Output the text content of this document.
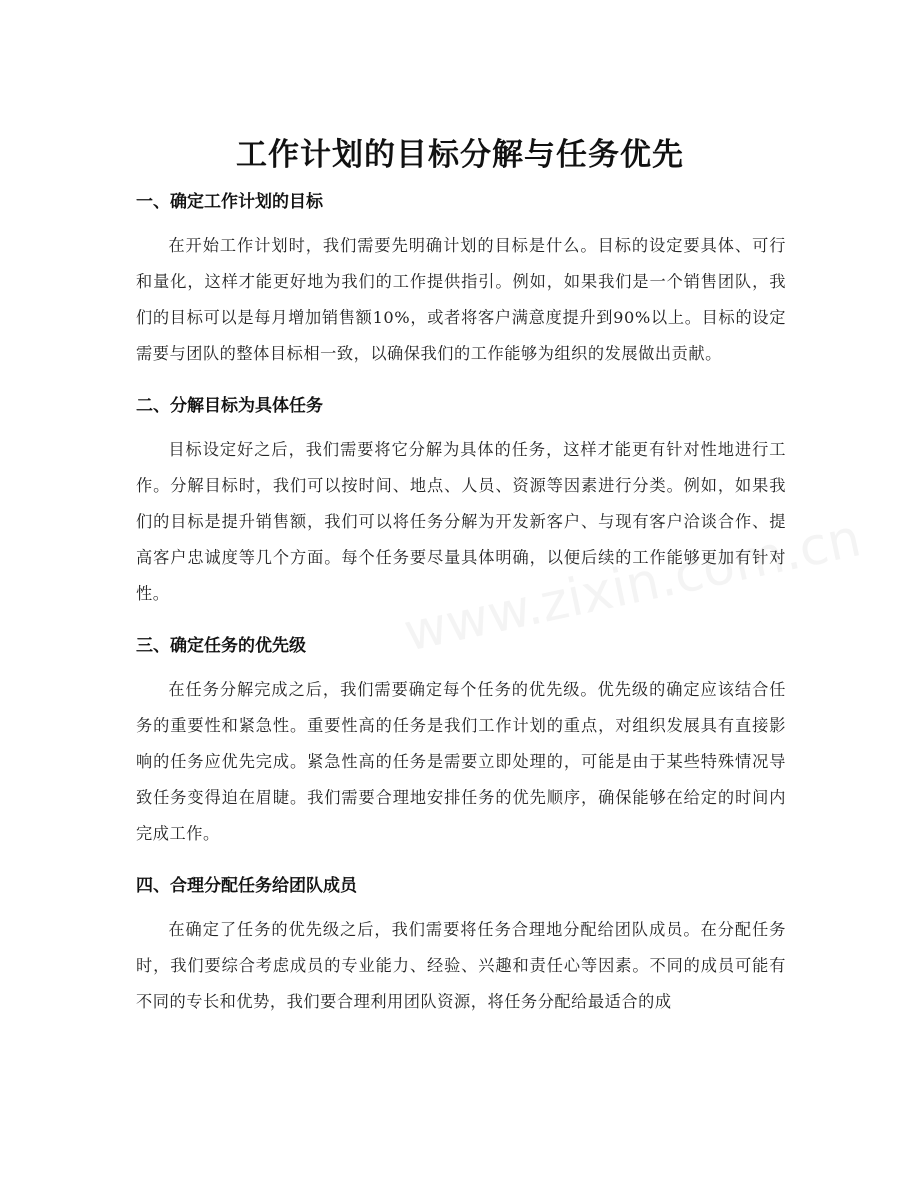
工作计划的目标分解与任务优先
一、确定工作计划的目标

在开始工作计划时，我们需要先明确计划的目标是什么。目标的设定要具体、可行和量化，这样才能更好地为我们的工作提供指引。例如，如果我们是一个销售团队，我们的目标可以是每月增加销售额10%，或者将客户满意度提升到90%以上。目标的设定需要与团队的整体目标相一致，以确保我们的工作能够为组织的发展做出贡献。

二、分解目标为具体任务

目标设定好之后，我们需要将它分解为具体的任务，这样才能更有针对性地进行工作。分解目标时，我们可以按时间、地点、人员、资源等因素进行分类。例如，如果我们的目标是提升销售额，我们可以将任务分解为开发新客户、与现有客户洽谈合作、提高客户忠诚度等几个方面。每个任务要尽量具体明确，以便后续的工作能够更加有针对性。

三、确定任务的优先级

在任务分解完成之后，我们需要确定每个任务的优先级。优先级的确定应该结合任务的重要性和紧急性。重要性高的任务是我们工作计划的重点，对组织发展具有直接影响的任务应优先完成。紧急性高的任务是需要立即处理的，可能是由于某些特殊情况导致任务变得迫在眉睫。我们需要合理地安排任务的优先顺序，确保能够在给定的时间内完成工作。

四、合理分配任务给团队成员

在确定了任务的优先级之后，我们需要将任务合理地分配给团队成员。在分配任务时，我们要综合考虑成员的专业能力、经验、兴趣和责任心等因素。不同的成员可能有不同的专长和优势，我们要合理利用团队资源，将任务分配给最适合的成
